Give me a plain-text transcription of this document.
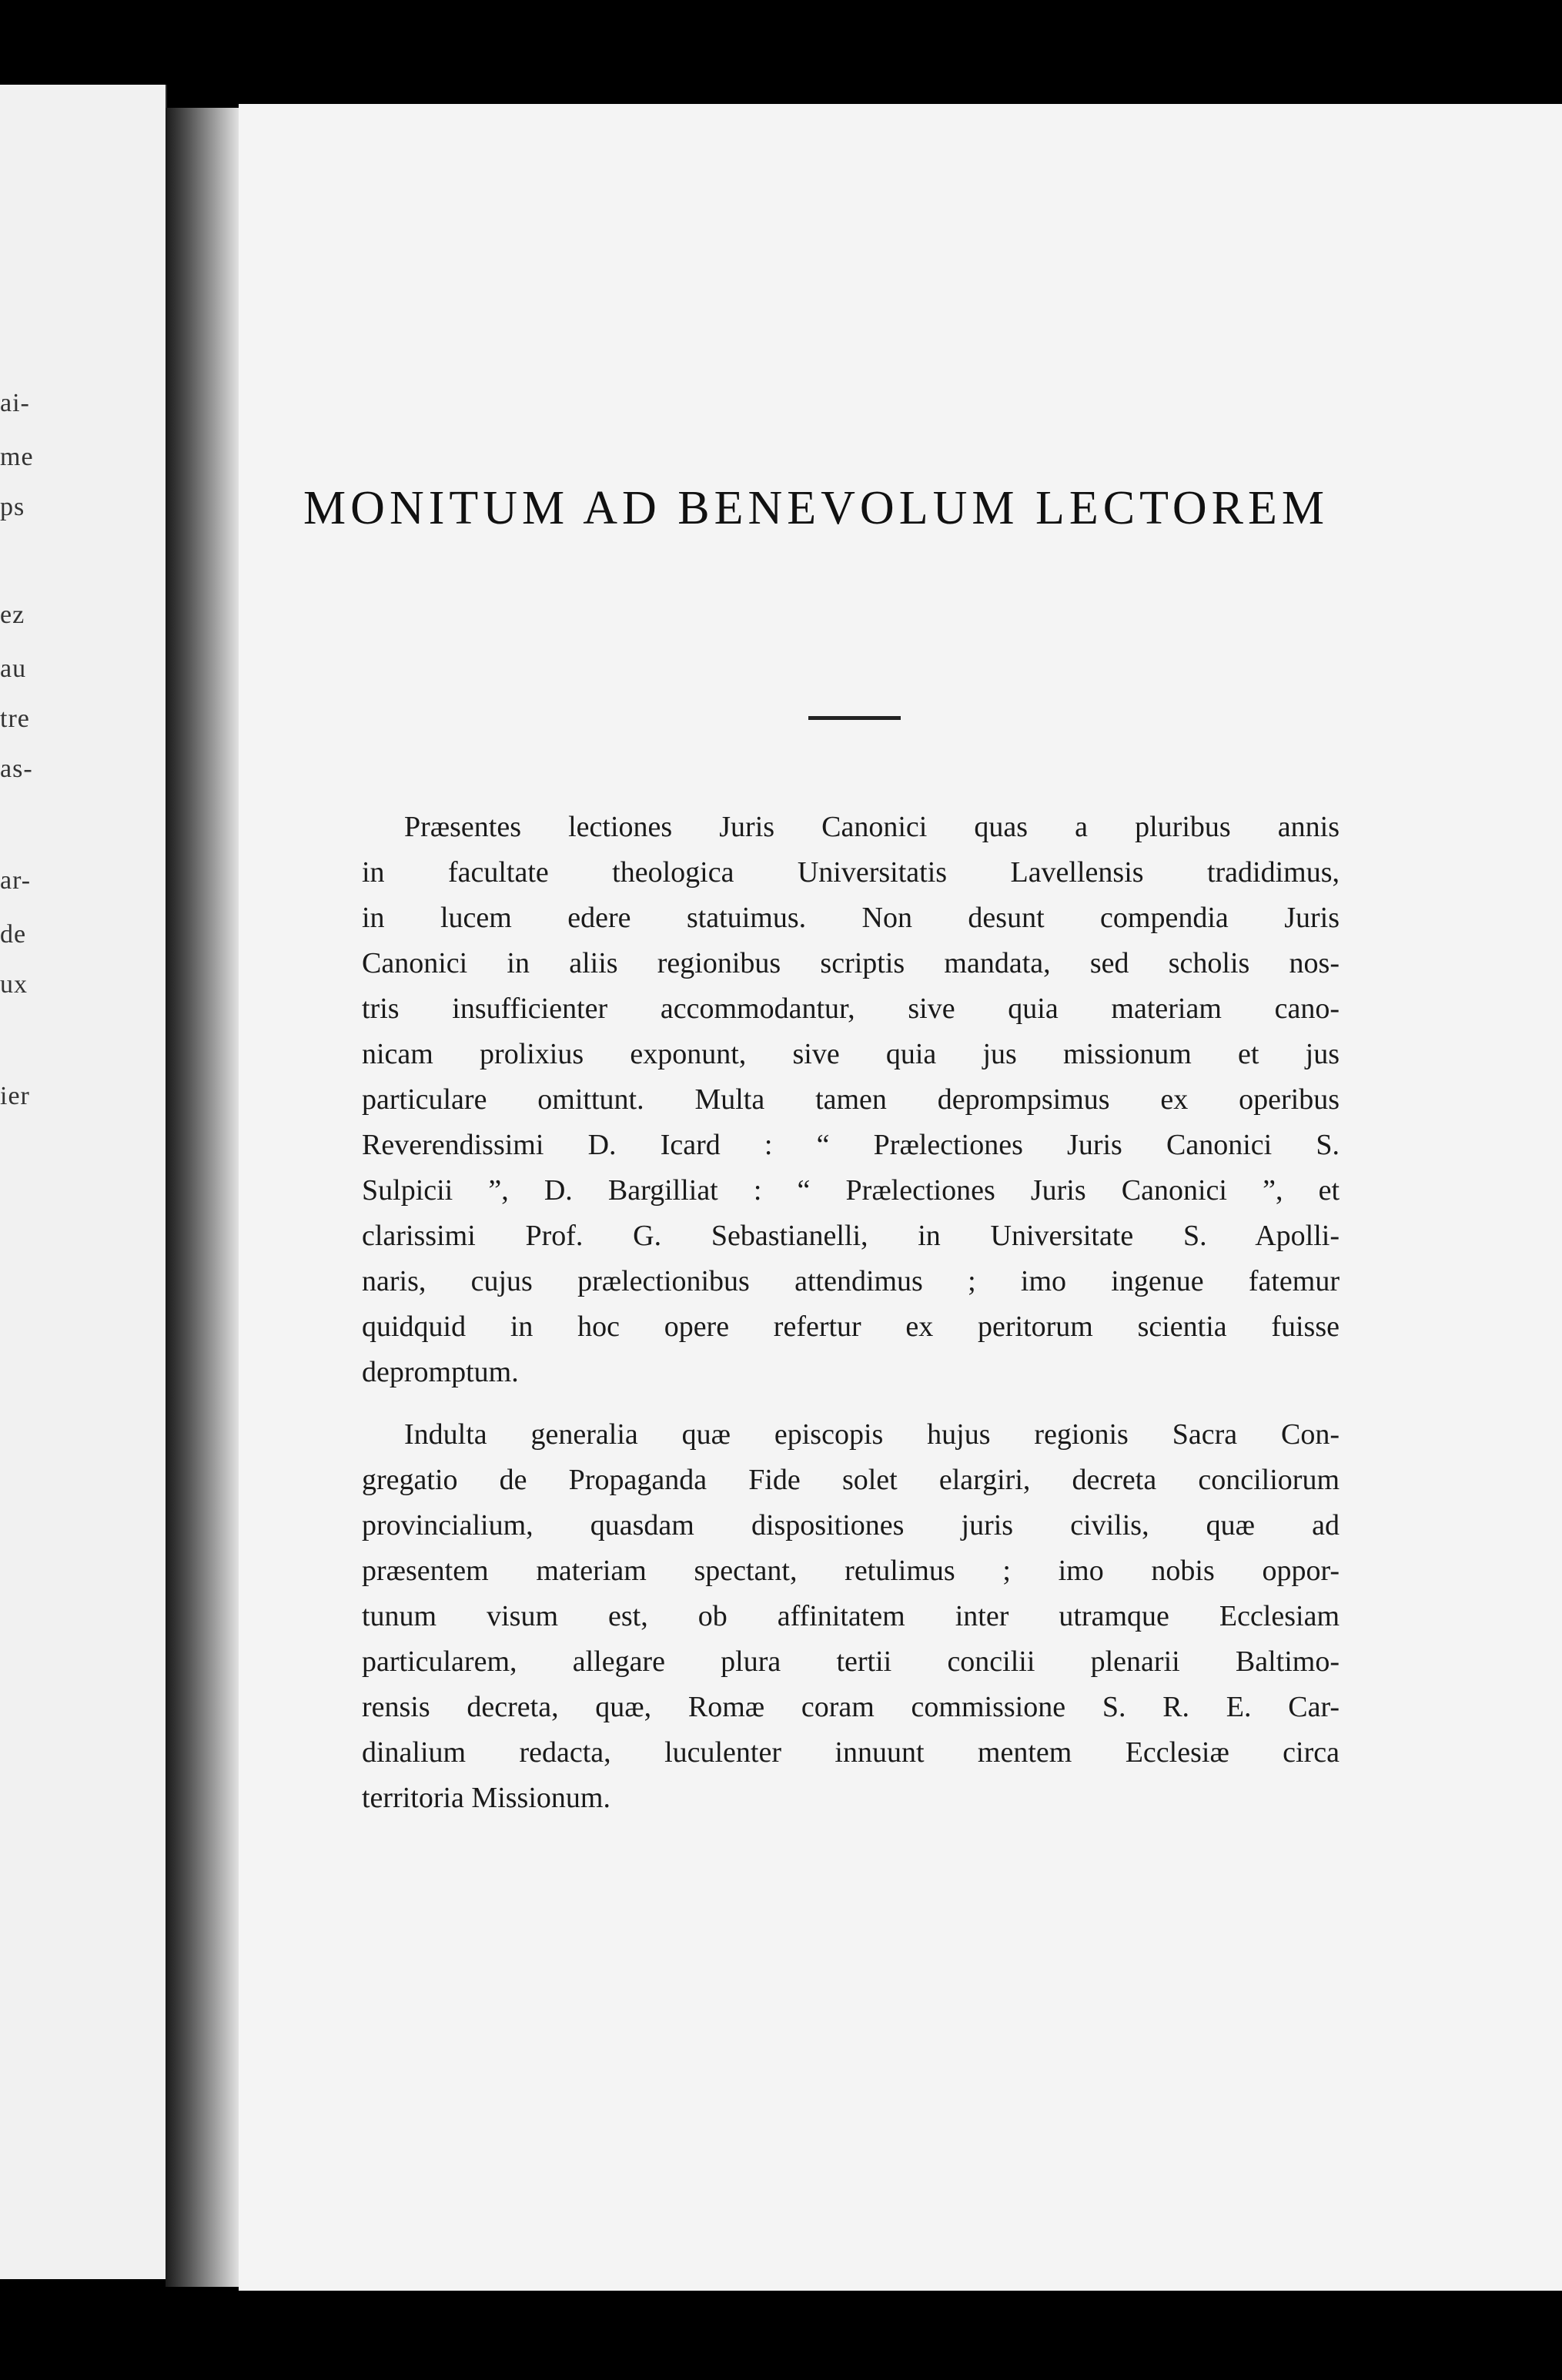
ai-
me
ps
ez
au
tre
as-
ar-
de
ux
ier
MONITUM AD BENEVOLUM LECTOREM
Præsentes lectiones Juris Canonici quas a pluribus annis
in facultate theologica Universitatis Lavellensis tradidimus,
in lucem edere statuimus. Non desunt compendia Juris
Canonici in aliis regionibus scriptis mandata, sed scholis nos-
tris insufficienter accommodantur, sive quia materiam cano-
nicam prolixius exponunt, sive quia jus missionum et jus
particulare omittunt. Multa tamen deprompsimus ex operibus
Reverendissimi D. Icard : “ Prælectiones Juris Canonici S.
Sulpicii ”, D. Bargilliat : “ Prælectiones Juris Canonici ”, et
clarissimi Prof. G. Sebastianelli, in Universitate S. Apolli-
naris, cujus prælectionibus attendimus ; imo ingenue fatemur
quidquid in hoc opere refertur ex peritorum scientia fuisse
depromptum.
Indulta generalia quæ episcopis hujus regionis Sacra Con-
gregatio de Propaganda Fide solet elargiri, decreta conciliorum
provincialium, quasdam dispositiones juris civilis, quæ ad
præsentem materiam spectant, retulimus ; imo nobis oppor-
tunum visum est, ob affinitatem inter utramque Ecclesiam
particularem, allegare plura tertii concilii plenarii Baltimo-
rensis decreta, quæ, Romæ coram commissione S. R. E. Car-
dinalium redacta, luculenter innuunt mentem Ecclesiæ circa
territoria Missionum.
